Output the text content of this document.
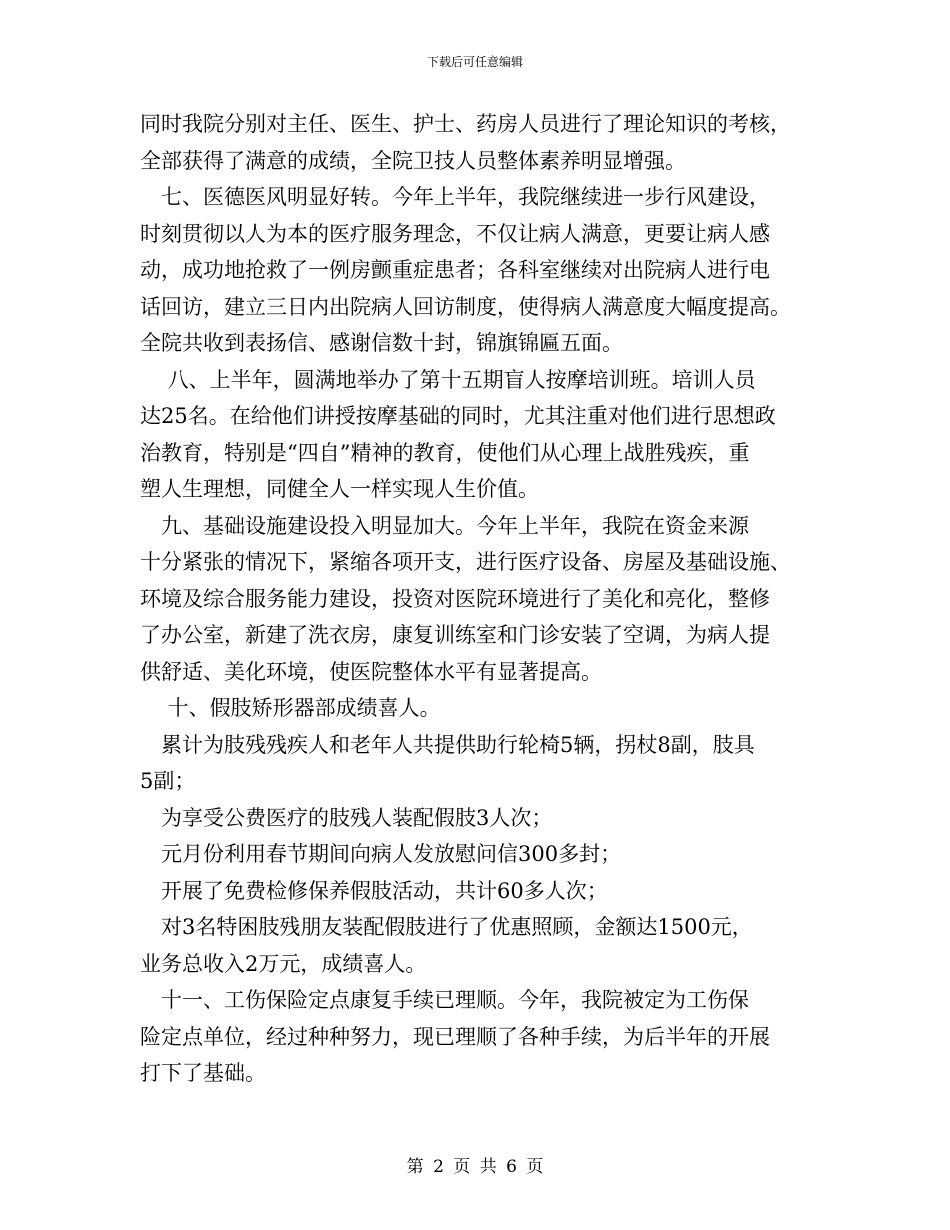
下载后可任意编辑

同时我院分别对主任、医生、护士、药房人员进行了理论知识的考核，

全部获得了满意的成绩，全院卫技人员整体素养明显增强。

　七、医德医风明显好转。今年上半年，我院继续进一步行风建设，

时刻贯彻以人为本的医疗服务理念，不仅让病人满意，更要让病人感

动，成功地抢救了一例房颤重症患者；各科室继续对出院病人进行电

话回访，建立三日内出院病人回访制度，使得病人满意度大幅度提高。

全院共收到表扬信、感谢信数十封，锦旗锦匾五面。

　 八、上半年，圆满地举办了第十五期盲人按摩培训班。培训人员

达25名。在给他们讲授按摩基础的同时，尤其注重对他们进行思想政

治教育，特别是“四自”精神的教育，使他们从心理上战胜残疾，重

塑人生理想，同健全人一样实现人生价值。

　九、基础设施建设投入明显加大。今年上半年，我院在资金来源

十分紧张的情况下，紧缩各项开支，进行医疗设备、房屋及基础设施、

环境及综合服务能力建设，投资对医院环境进行了美化和亮化，整修

了办公室，新建了洗衣房，康复训练室和门诊安装了空调，为病人提

供舒适、美化环境，使医院整体水平有显著提高。

　 十、假肢矫形器部成绩喜人。

　累计为肢残残疾人和老年人共提供助行轮椅5辆，拐杖8副，肢具

5副；

　为享受公费医疗的肢残人装配假肢3人次；

　元月份利用春节期间向病人发放慰问信300多封；

　开展了免费检修保养假肢活动，共计60多人次；

　对3名特困肢残朋友装配假肢进行了优惠照顾，金额达1500元，

业务总收入2万元，成绩喜人。

　十一、工伤保险定点康复手续已理顺。今年，我院被定为工伤保

险定点单位，经过种种努力，现已理顺了各种手续，为后半年的开展

打下了基础。

第 2 页 共 6 页
